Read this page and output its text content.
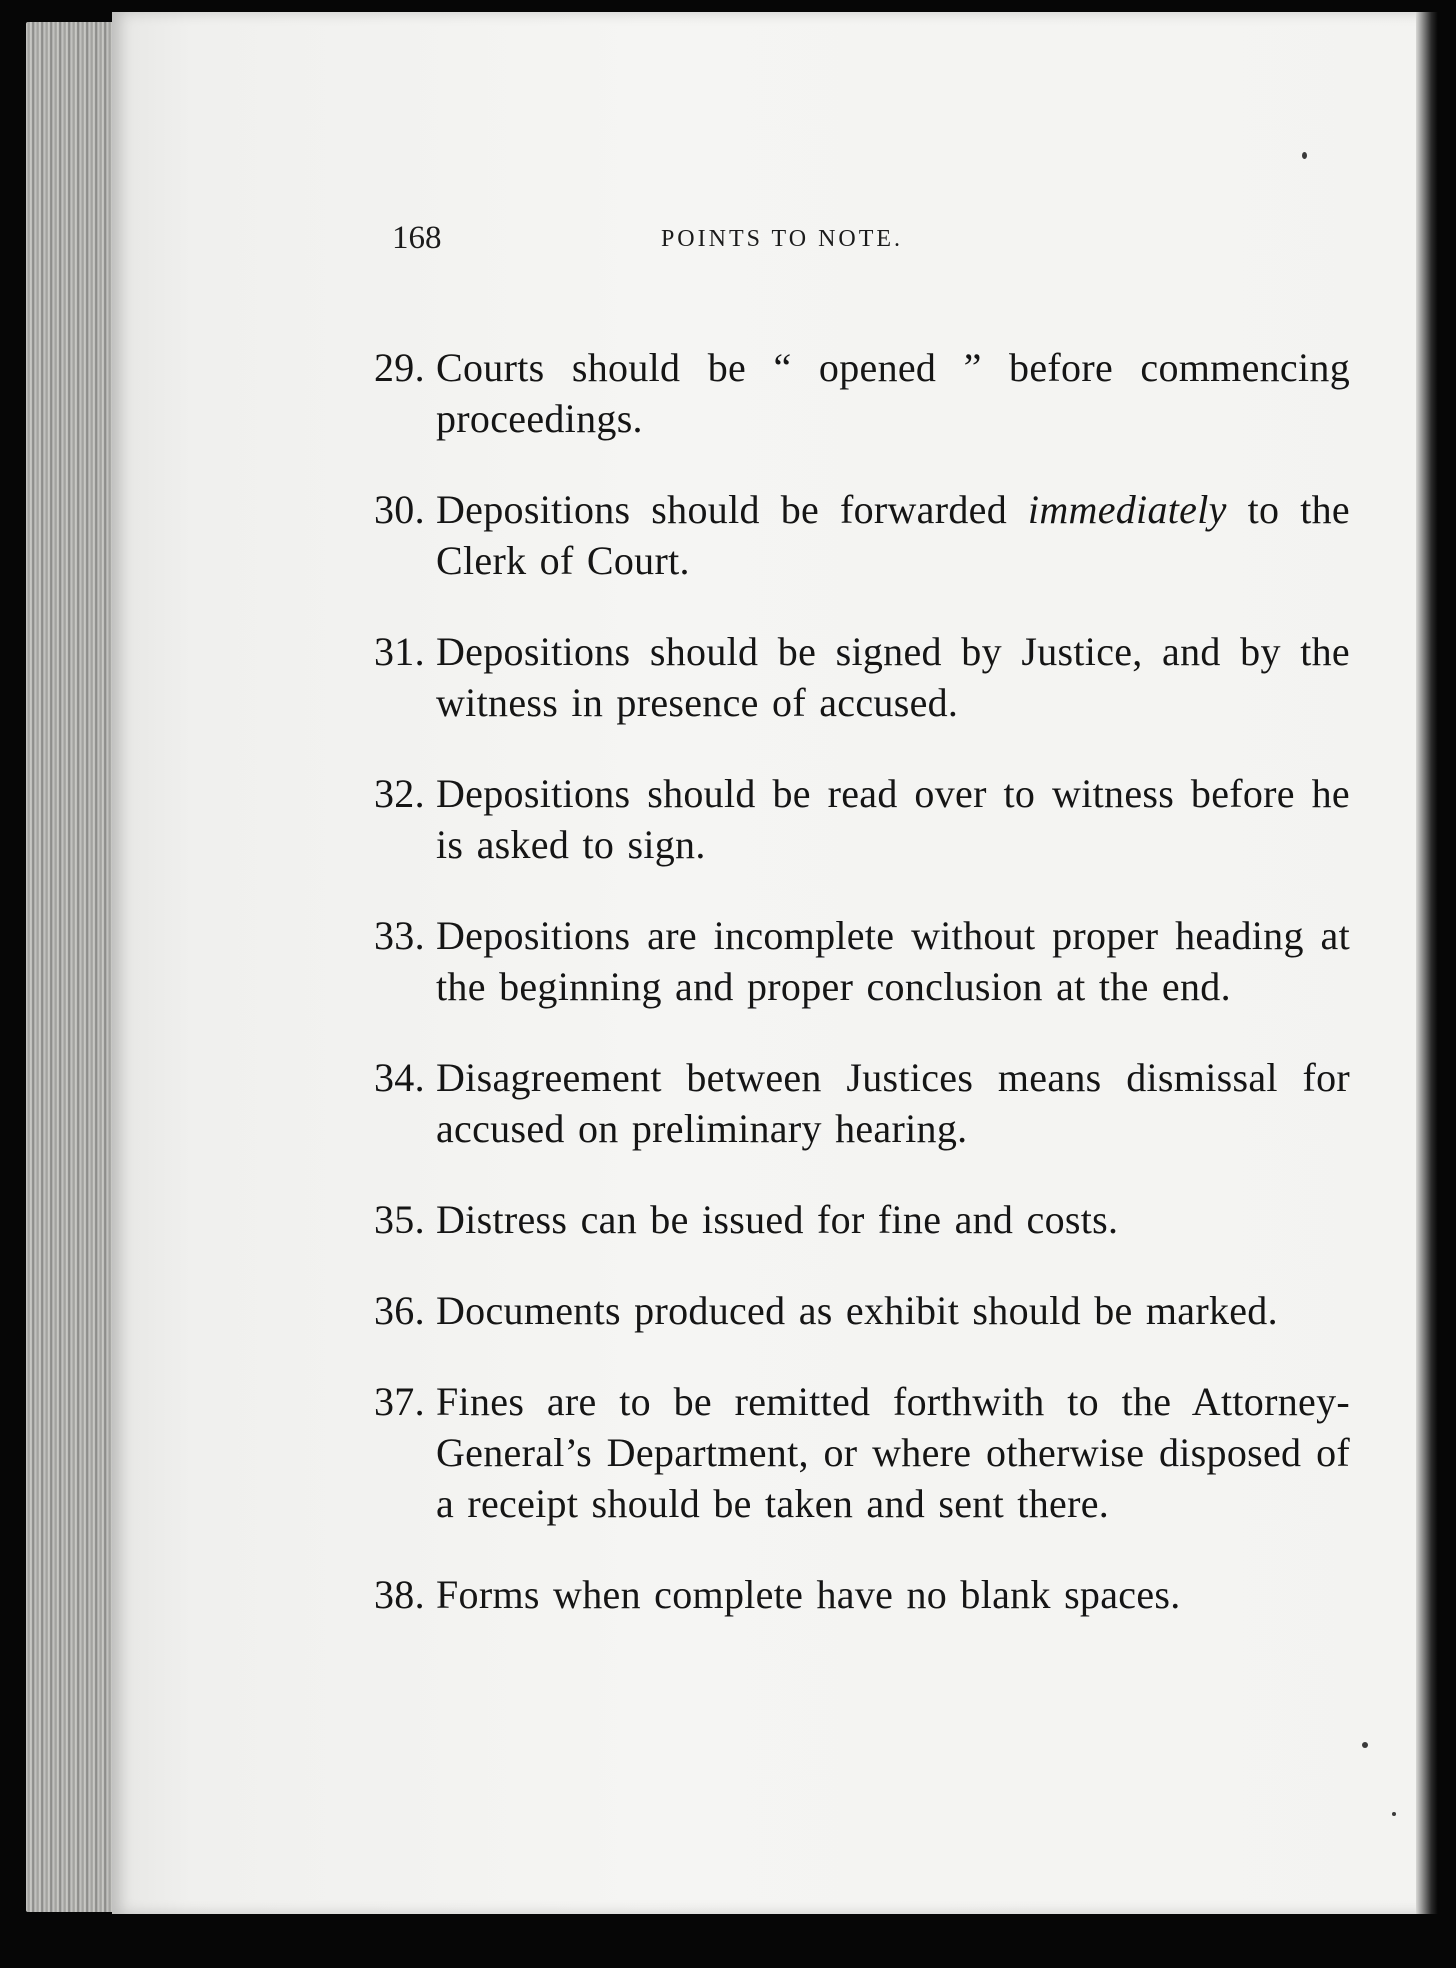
168	POINTS TO NOTE.

29. Courts should be “ opened ” before commencing proceedings.

30. Depositions should be forwarded immediately to the Clerk of Court.

31. Depositions should be signed by Justice, and by the witness in presence of accused.

32. Depositions should be read over to witness before he is asked to sign.

33. Depositions are incomplete without proper heading at the beginning and proper conclusion at the end.

34. Disagreement between Justices means dismissal for accused on preliminary hearing.

35. Distress can be issued for fine and costs.

36. Documents produced as exhibit should be marked.

37. Fines are to be remitted forthwith to the Attorney-General’s Department, or where otherwise disposed of a receipt should be taken and sent there.

38. Forms when complete have no blank spaces.
